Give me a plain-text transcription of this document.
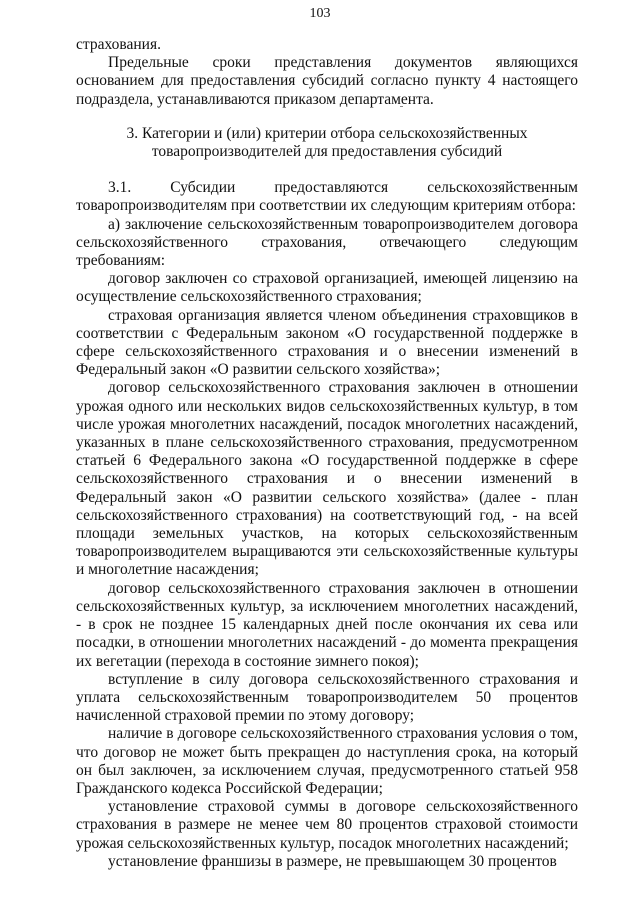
103

страхования.

Предельные сроки представления документов являющихся основанием для предоставления субсидий согласно пункту 4 настоящего подраздела, устанавливаются приказом департамента.

3. Категории и (или) критерии отбора сельскохозяйственных товаропроизводителей для предоставления субсидий

3.1.	Субсидии	предоставляются	сельскохозяйственным

товаропроизводителям при соответствии их следующим критериям отбора:

а) заключение сельскохозяйственным товаропроизводителем договора сельскохозяйственного страхования, отвечающего следующим требованиям:

договор заключен со страховой организацией, имеющей лицензию на осуществление сельскохозяйственного страхования;

страховая организация является членом объединения страховщиков в соответствии с Федеральным законом «О государственной поддержке в сфере сельскохозяйственного страхования и о внесении изменений в Федеральный закон «О развитии сельского хозяйства»;

договор сельскохозяйственного страхования заключен в отношении урожая одного или нескольких видов сельскохозяйственных культур, в том числе урожая многолетних насаждений, посадок многолетних насаждений, указанных в плане сельскохозяйственного страхования, предусмотренном статьей 6 Федерального закона «О государственной поддержке в сфере сельскохозяйственного страхования и о внесении изменений в Федеральный закон «О развитии сельского хозяйства» (далее - план сельскохозяйственного страхования) на соответствующий год, - на всей площади земельных участков, на которых сельскохозяйственным товаропроизводителем выращиваются эти сельскохозяйственные культуры и многолетние насаждения;

договор сельскохозяйственного страхования заключен в отношении сельскохозяйственных культур, за исключением многолетних насаждений, - в срок не позднее 15 календарных дней после окончания их сева или посадки, в отношении многолетних насаждений - до момента прекращения их вегетации (перехода в состояние зимнего покоя);

вступление в силу договора сельскохозяйственного страхования и уплата сельскохозяйственным товаропроизводителем 50 процентов начисленной страховой премии по этому договору;

наличие в договоре сельскохозяйственного страхования условия о том, что договор не может быть прекращен до наступления срока, на который он был заключен, за исключением случая, предусмотренного статьей 958 Гражданского кодекса Российской Федерации;

установление страховой суммы в договоре сельскохозяйственного страхования в размере не менее чем 80 процентов страховой стоимости урожая сельскохозяйственных культур, посадок многолетних насаждений;

установление франшизы в размере, не превышающем 30 процентов
